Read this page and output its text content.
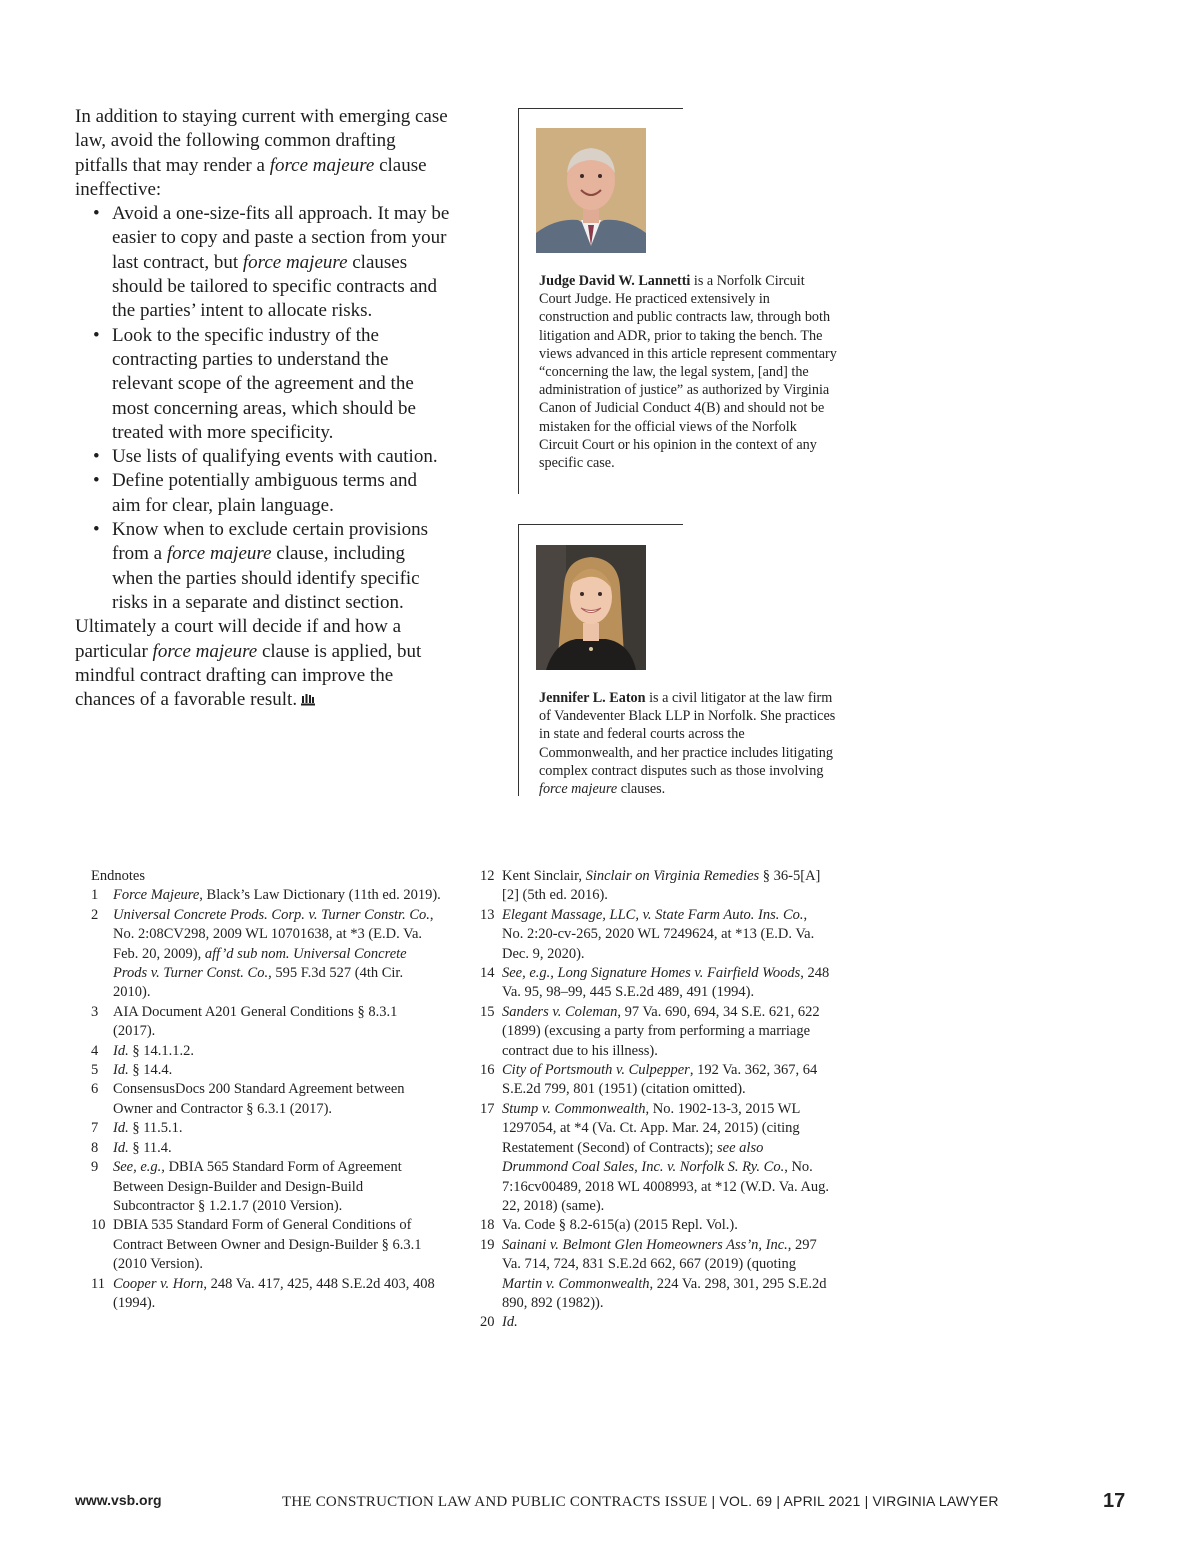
In addition to staying current with emerging case law, avoid the following common drafting pitfalls that may render a force majeure clause ineffective:

• Avoid a one-size-fits all approach. It may be easier to copy and paste a section from your last contract, but force majeure clauses should be tailored to specific contracts and the parties’ intent to allocate risks.
• Look to the specific industry of the contracting parties to understand the relevant scope of the agreement and the most concerning areas, which should be treated with more specificity.
• Use lists of qualifying events with caution.
• Define potentially ambiguous terms and aim for clear, plain language.
• Know when to exclude certain provisions from a force majeure clause, including when the parties should identify specific risks in a separate and distinct section.

Ultimately a court will decide if and how a particular force majeure clause is applied, but mindful contract drafting can improve the chances of a favorable result.

Judge David W. Lannetti is a Norfolk Circuit Court Judge. He practiced extensively in construction and public contracts law, through both litigation and ADR, prior to taking the bench. The views advanced in this article represent commentary “concerning the law, the legal system, [and] the administration of justice” as authorized by Virginia Canon of Judicial Conduct 4(B) and should not be mistaken for the official views of the Norfolk Circuit Court or his opinion in the context of any specific case.
Jennifer L. Eaton is a civil litigator at the law firm of Vandeventer Black LLP in Norfolk. She practices in state and federal courts across the Commonwealth, and her practice includes litigating complex contract disputes such as those involving force majeure clauses.

Endnotes

1	Force Majeure, Black’s Law Dictionary (11th ed. 2019).
2	Universal Concrete Prods. Corp. v. Turner Constr. Co., No. 2:08CV298, 2009 WL 10701638, at *3 (E.D. Va. Feb. 20, 2009), aff’d sub nom. Universal Concrete Prods v. Turner Const. Co., 595 F.3d 527 (4th Cir. 2010).
3	AIA Document A201 General Conditions § 8.3.1 (2017).
4	Id. § 14.1.1.2.
5	Id. § 14.4.
6	ConsensusDocs 200 Standard Agreement between Owner and Contractor § 6.3.1 (2017).
7	Id. § 11.5.1.
8	Id. § 11.4.
9	See, e.g., DBIA 565 Standard Form of Agreement Between Design-Builder and Design-Build Subcontractor § 1.2.1.7 (2010 Version).
10 DBIA 535 Standard Form of General Conditions of Contract Between Owner and Design-Builder § 6.3.1 (2010 Version).
11 Cooper v. Horn, 248 Va. 417, 425, 448 S.E.2d 403, 408 (1994).
12 Kent Sinclair, Sinclair on Virginia Remedies § 36-5[A][2] (5th ed. 2016).
13 Elegant Massage, LLC, v. State Farm Auto. Ins. Co., No. 2:20-cv-265, 2020 WL 7249624, at *13 (E.D. Va. Dec. 9, 2020).
14 See, e.g., Long Signature Homes v. Fairfield Woods, 248 Va. 95, 98–99, 445 S.E.2d 489, 491 (1994).
15 Sanders v. Coleman, 97 Va. 690, 694, 34 S.E. 621, 622 (1899) (excusing a party from performing a marriage contract due to his illness).
16 City of Portsmouth v. Culpepper, 192 Va. 362, 367, 64 S.E.2d 799, 801 (1951) (citation omitted).
17 Stump v. Commonwealth, No. 1902-13-3, 2015 WL 1297054, at *4 (Va. Ct. App. Mar. 24, 2015) (citing Restatement (Second) of Contracts); see also Drummond Coal Sales, Inc. v. Norfolk S. Ry. Co., No. 7:16cv00489, 2018 WL 4008993, at *12 (W.D. Va. Aug. 22, 2018) (same).
18 Va. Code § 8.2-615(a) (2015 Repl. Vol.).
19 Sainani v. Belmont Glen Homeowners Ass’n, Inc., 297 Va. 714, 724, 831 S.E.2d 662, 667 (2019) (quoting Martin v. Commonwealth, 224 Va. 298, 301, 295 S.E.2d 890, 892 (1982)).
20 Id.
www.vsb.org	THE CONSTRUCTION LAW AND PUBLIC CONTRACTS ISSUE | VOL. 69 | APRIL 2021 | VIRGINIA LAWYER	17
